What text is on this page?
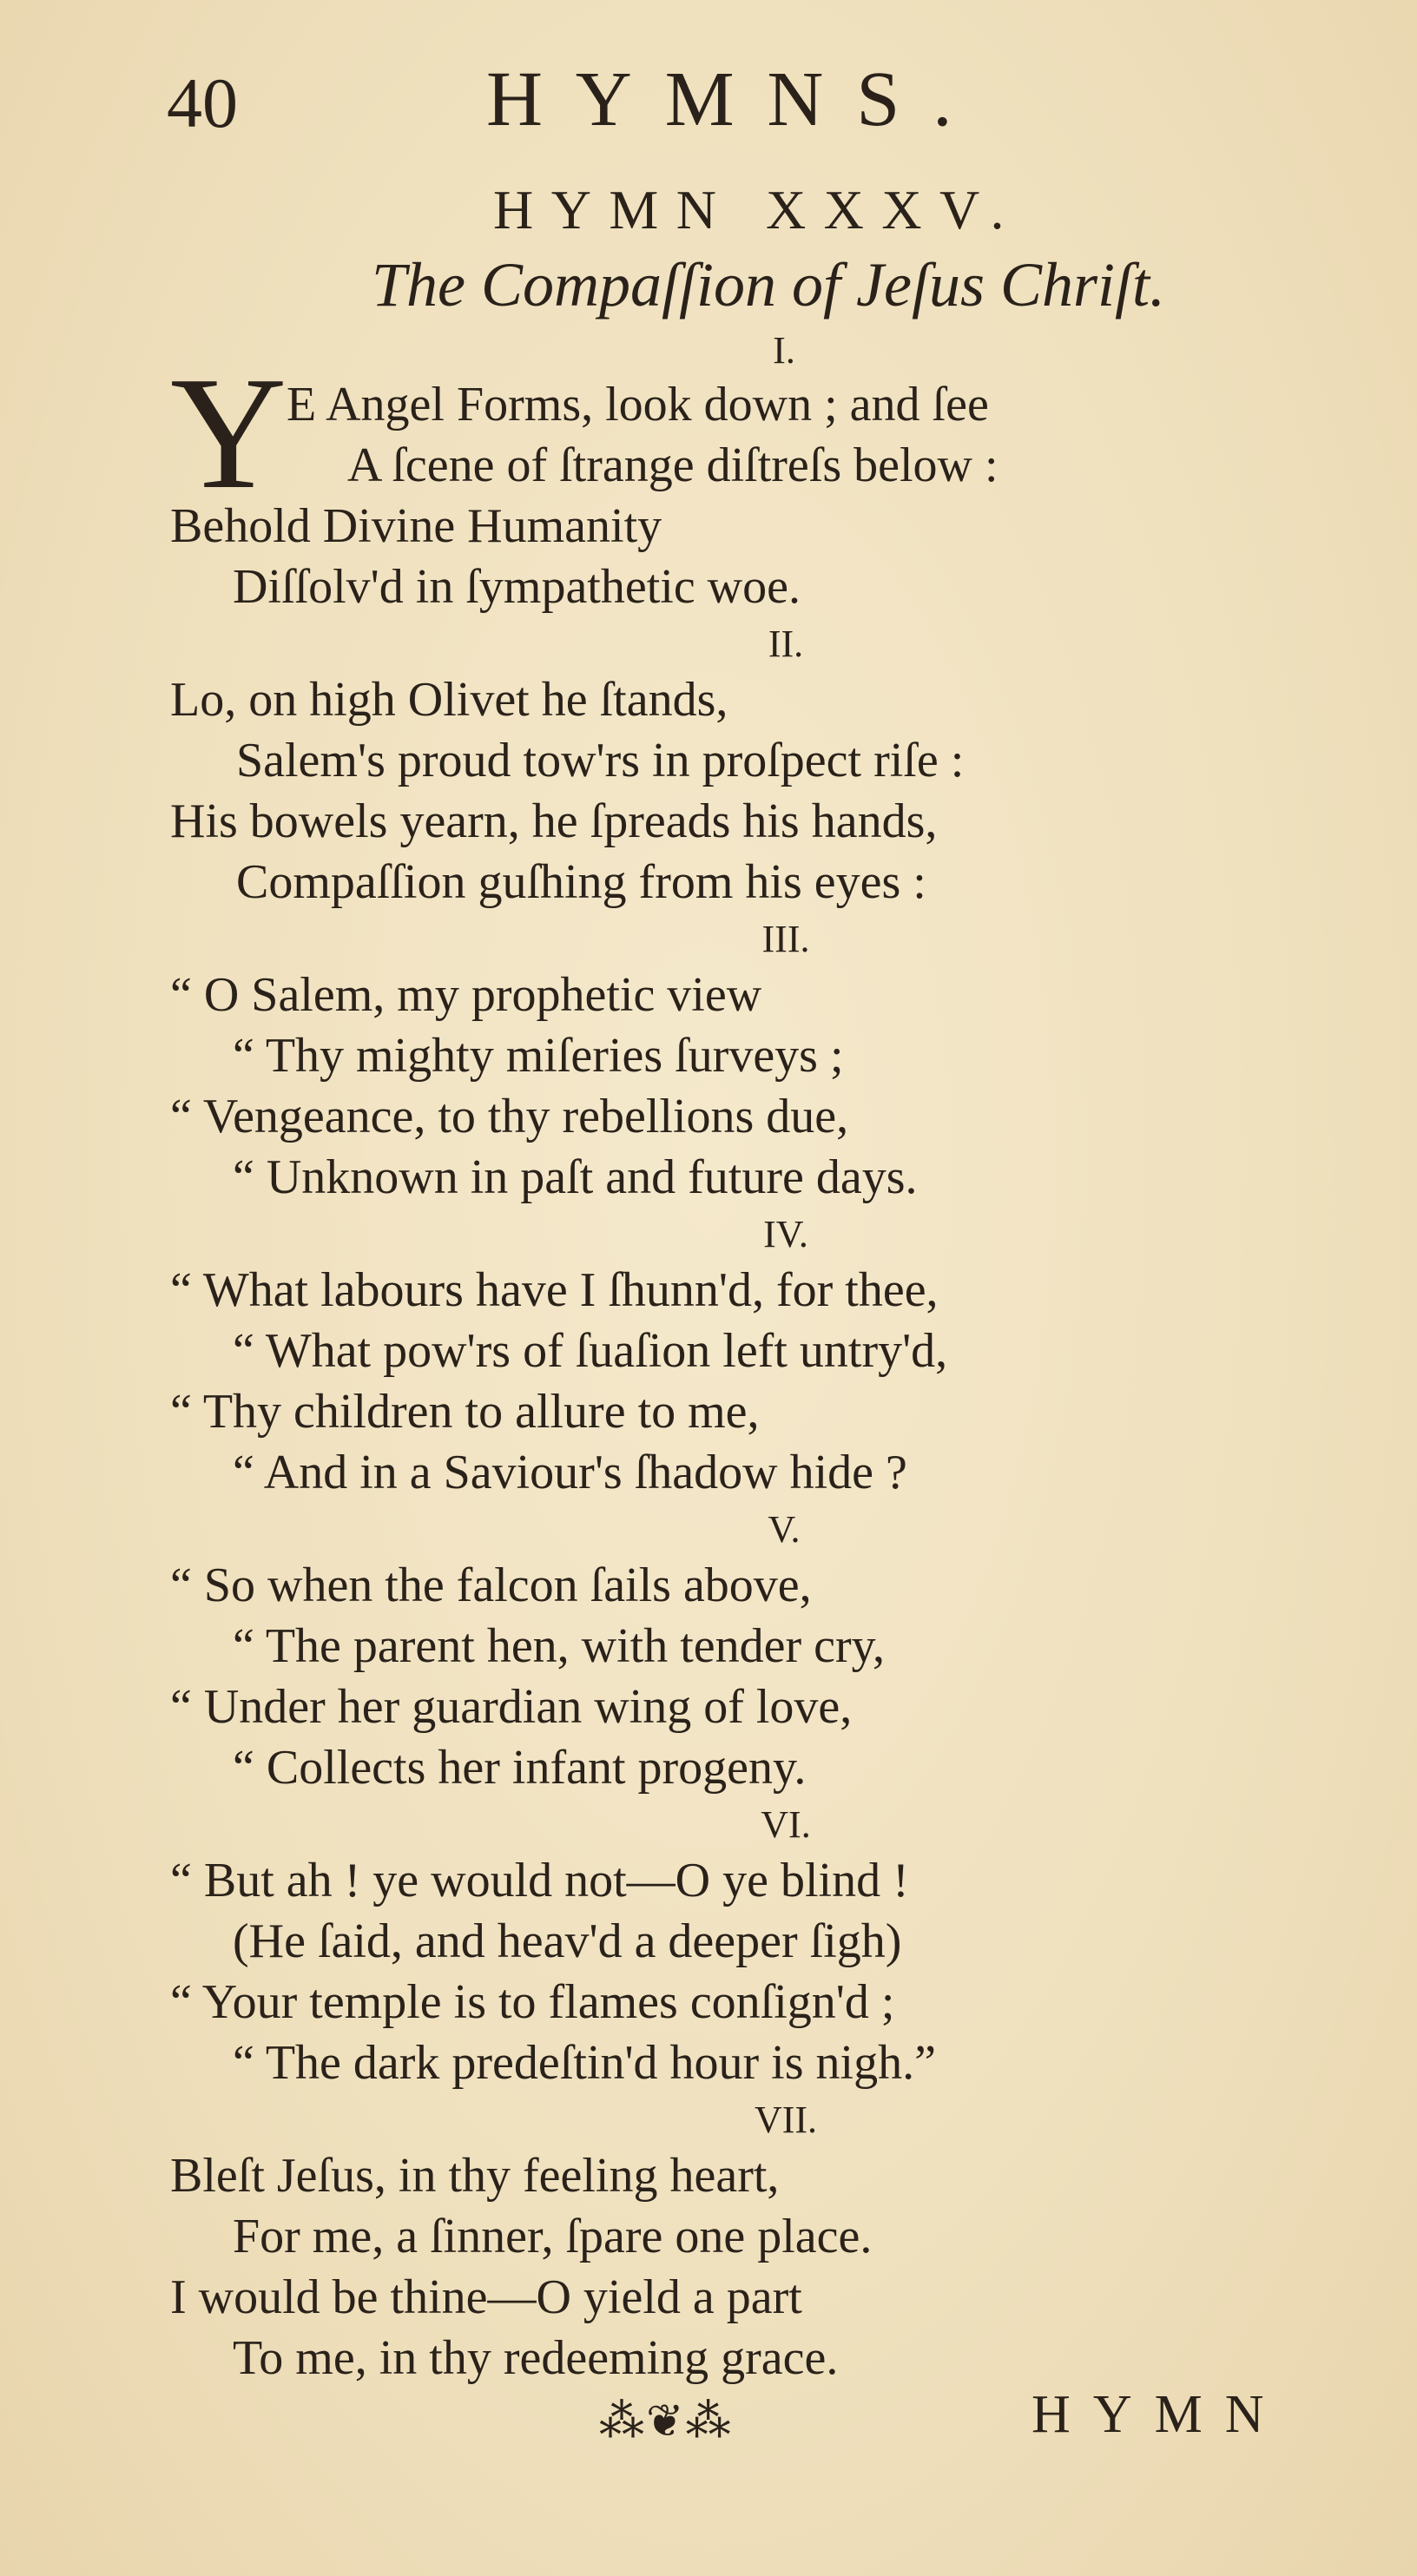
40	HYMNS.
HYMN XXXV.
The Compaſſion of Jeſus Chriſt.
I.
Y E Angel Forms, look down ; and ſee
A ſcene of ſtrange diſtreſs below :
Behold Divine Humanity
Diſſolv'd in ſympathetic woe.
II.
Lo, on high Olivet he ſtands,
Salem's proud tow'rs in proſpect riſe :
His bowels yearn, he ſpreads his hands,
Compaſſion guſhing from his eyes :
III.
“ O Salem, my prophetic view
“ Thy mighty miſeries ſurveys ;
“ Vengeance, to thy rebellions due,
“ Unknown in paſt and future days.
IV.
“ What labours have I ſhunn'd, for thee,
“ What pow'rs of ſuaſion left untry'd,
“ Thy children to allure to me,
“ And in a Saviour's ſhadow hide ?
V.
“ So when the falcon ſails above,
“ The parent hen, with tender cry,
“ Under her guardian wing of love,
“ Collects her infant progeny.
VI.
“ But ah ! ye would not—O ye blind !
(He ſaid, and heav'd a deeper ſigh)
“ Your temple is to flames conſign'd ;
“ The dark predeſtin'd hour is nigh.”
VII.
Bleſt Jeſus, in thy feeling heart,
For me, a ſinner, ſpare one place.
I would be thine—O yield a part
To me, in thy redeeming grace.
⁂❦⁂	HYMN
